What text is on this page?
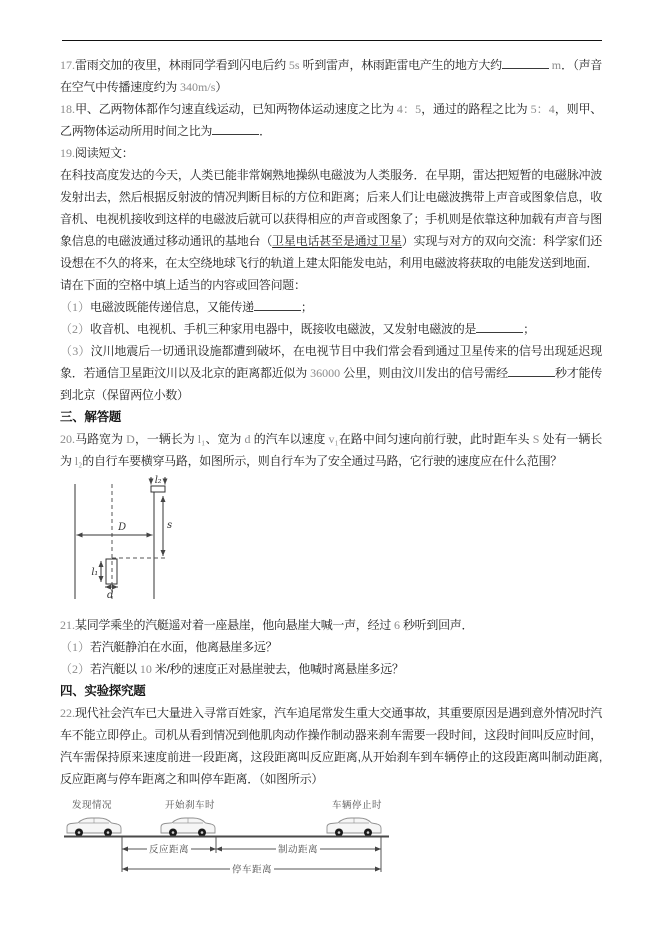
17.雷雨交加的夜里，林雨同学看到闪电后约 5s 听到雷声，林雨距雷电产生的地方大约	m．（声音在空气中传播速度约为 340m/s）

18.甲、乙两物体都作匀速直线运动，已知两物体运动速度之比为 4：5，通过的路程之比为 5：4，则甲、乙两物体运动所用时间之比为	．

19.阅读短文：

在科技高度发达的今天，人类已能非常娴熟地操纵电磁波为人类服务．在早期，雷达把短暂的电磁脉冲波发射出去，然后根据反射波的情况判断目标的方位和距离；后来人们让电磁波携带上声音或图象信息，收音机、电视机接收到这样的电磁波后就可以获得相应的声音或图象了；手机则是依靠这种加载有声音与图象信息的电磁波通过移动通讯的基地台（卫星电话甚至是通过卫星）实现与对方的双向交流：科学家们还设想在不久的将来，在太空绕地球飞行的轨道上建太阳能发电站，利用电磁波将获取的电能发送到地面．

请在下面的空格中填上适当的内容或回答问题：

（1）电磁波既能传递信息，又能传递	；

（2）收音机、电视机、手机三种家用电器中，既接收电磁波，又发射电磁波的是	；

（3）汶川地震后一切通讯设施都遭到破坏，在电视节目中我们常会看到通过卫星传来的信号出现延迟现象．若通信卫星距汶川以及北京的距离都近似为 36000 公里，则由汶川发出的信号需经	秒才能传到北京（保留两位小数）

三、解答题

20.马路宽为 D，一辆长为 l₁、宽为 d 的汽车以速度 v₁在路中间匀速向前行驶，此时距车头 S 处有一辆长为 l₂的自行车要横穿马路，如图所示，则自行车为了安全通过马路，它行驶的速度应在什么范围？

l₂
s
D
l₁
d

21.某同学乘坐的汽艇遥对着一座悬崖，他向悬崖大喊一声，经过 6 秒听到回声．

（1）若汽艇静泊在水面，他离悬崖多远？

（2）若汽艇以 10 米/秒的速度正对悬崖驶去，他喊时离悬崖多远？

四、实验探究题

22.现代社会汽车已大量进入寻常百姓家，汽车追尾常发生重大交通事故，其重要原因是遇到意外情况时汽车不能立即停止。司机从看到情况到他肌肉动作操作制动器来刹车需要一段时间，这段时间叫反应时间，汽车需保持原来速度前进一段距离，这段距离叫反应距离,从开始刹车到车辆停止的这段距离叫制动距离,反应距离与停车距离之和叫停车距离．（如图所示）

发现情况	开始刹车时	车辆停止时
反应距离	制动距离
停车距离
